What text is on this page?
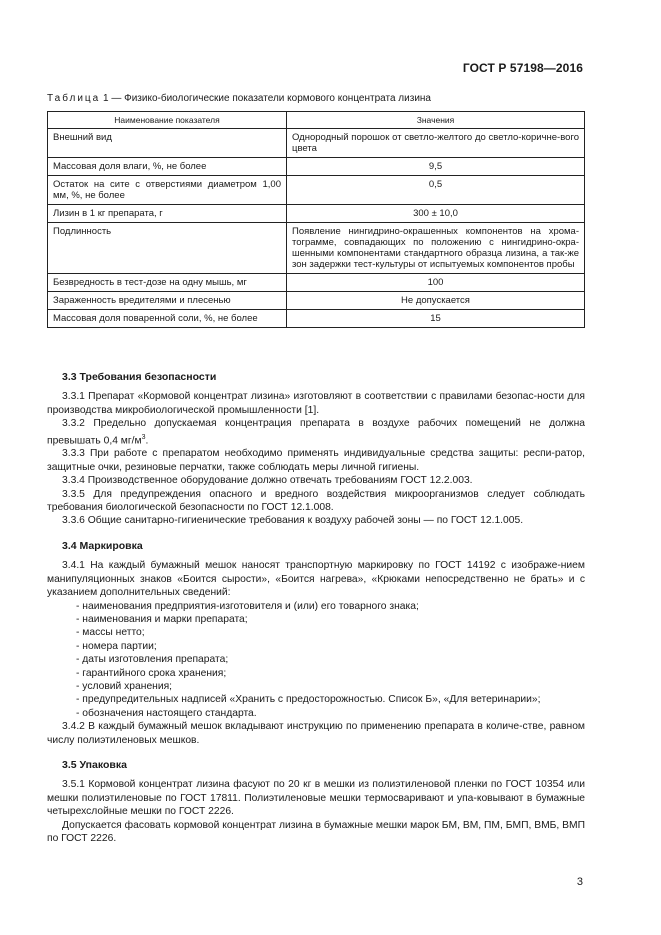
ГОСТ Р 57198—2016
Таблица 1 — Физико-биологические показатели кормового концентрата лизина
Наименование показателя	Значения
Внешний вид	Однородный порошок от светло-желтого до светло-коричне-вого цвета
Массовая доля влаги, %, не более	9,5
Остаток на сите с отверстиями диаметром 1,00 мм, %, не более	0,5
Лизин в 1 кг препарата, г	300 ± 10,0
Подлинность	Появление нингидрино-окрашенных компонентов на хрома-тограмме, совпадающих по положению с нингидрино-окра-шенными компонентами стандартного образца лизина, а так-же зон задержки тест-культуры от испытуемых компонентов пробы
Безвредность в тест-дозе на одну мышь, мг	100
Зараженность вредителями и плесенью	Не допускается
Массовая доля поваренной соли, %, не более	15
3.3 Требования безопасности

3.3.1 Препарат «Кормовой концентрат лизина» изготовляют в соответствии с правилами безопас-ности для производства микробиологической промышленности [1].

3.3.2 Предельно допускаемая концентрация препарата в воздухе рабочих помещений не должна превышать 0,4 $мг/м^3$.

3.3.3 При работе с препаратом необходимо применять индивидуальные средства защиты: респи-ратор, защитные очки, резиновые перчатки, также соблюдать меры личной гигиены.

3.3.4 Производственное оборудование должно отвечать требованиям ГОСТ 12.2.003.

3.3.5 Для предупреждения опасного и вредного воздействия микроорганизмов следует соблюдать требования биологической безопасности по ГОСТ 12.1.008.

3.3.6 Общие санитарно-гигиенические требования к воздуху рабочей зоны — по ГОСТ 12.1.005.

3.4 Маркировка

3.4.1 На каждый бумажный мешок наносят транспортную маркировку по ГОСТ 14192 с изображе-нием манипуляционных знаков «Боится сырости», «Боится нагрева», «Крюками непосредственно не брать» и с указанием дополнительных сведений:

- наименования предприятия-изготовителя и (или) его товарного знака;
- наименования и марки препарата;
- массы нетто;
- номера партии;
- даты изготовления препарата;
- гарантийного срока хранения;
- условий хранения;
- предупредительных надписей «Хранить с предосторожностью. Список Б», «Для ветеринарии»;
- обозначения настоящего стандарта.

3.4.2 В каждый бумажный мешок вкладывают инструкцию по применению препарата в количе-стве, равном числу полиэтиленовых мешков.

3.5 Упаковка

3.5.1 Кормовой концентрат лизина фасуют по 20 кг в мешки из полиэтиленовой пленки по ГОСТ 10354 или мешки полиэтиленовые по ГОСТ 17811. Полиэтиленовые мешки термосваривают и упа-ковывают в бумажные четырехслойные мешки по ГОСТ 2226.

Допускается фасовать кормовой концентрат лизина в бумажные мешки марок БМ, ВМ, ПМ, БМП, ВМБ, ВМП по ГОСТ 2226.

3
